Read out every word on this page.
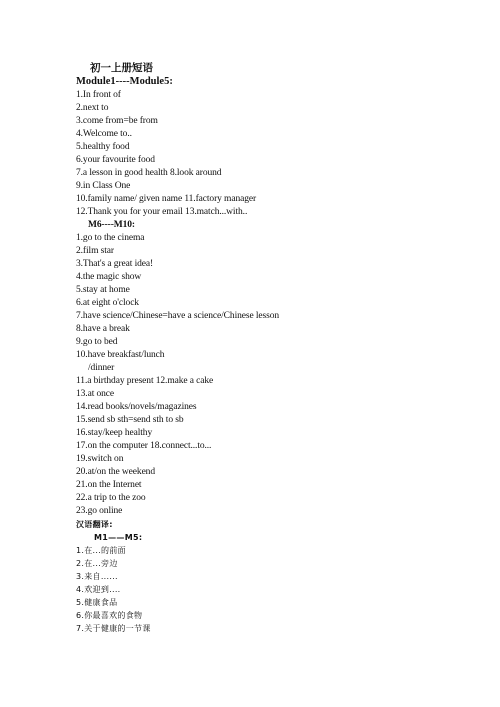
初一上册短语
Module1----Module5:
1.In front of
2.next to
3.come from=be from
4.Welcome to..
5.healthy food
6.your favourite food
7.a lesson in good health 8.look around
9.in Class One
10.family name/ given name 11.factory manager
12.Thank you for your email 13.match...with..
M6----M10:
1.go to the cinema
2.film star
3.That's a great idea!
4.the magic show
5.stay at home
6.at eight o'clock
7.have science/Chinese=have a science/Chinese lesson
8.have a break
9.go to bed
10.have breakfast/lunch
/dinner
11.a birthday present 12.make a cake
13.at once
14.read books/novels/magazines
15.send sb sth=send sth to sb
16.stay/keep healthy
17.on the computer 18.connect...to...
19.switch on
20.at/on the weekend
21.on the Internet
22.a trip to the zoo
23.go online
汉语翻译:
M1——M5:
1.在...的前面
2.在...旁边
3.来自......
4.欢迎到....
5.健康食品
6.你最喜欢的食物
7.关于健康的一节课
